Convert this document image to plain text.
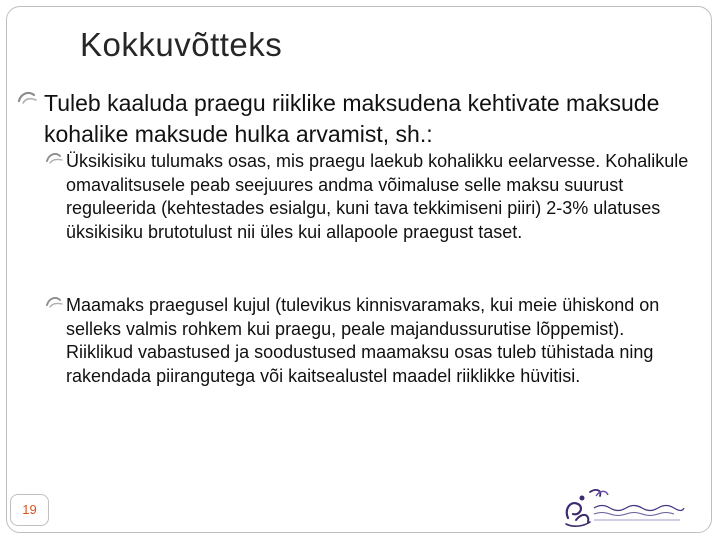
Kokkuvõtteks
Tuleb kaaluda praegu riiklike maksudena kehtivate maksude kohalike maksude hulka arvamist, sh.:
Üksikisiku tulumaks osas, mis praegu laekub kohalikku eelarvesse. Kohalikule omavalitsusele peab seejuures andma võimaluse selle maksu suurust reguleerida (kehtestades esialgu, kuni tava tekkimiseni piiri) 2-3% ulatuses üksikisiku brutotulust nii üles kui allapoole praegust taset.
Maamaks praegusel kujul (tulevikus kinnisvaramaks, kui meie ühiskond on selleks valmis rohkem kui praegu, peale majandussurutise lõppemist). Riiklikud vabastused ja soodustused maamaksu osas tuleb tühistada ning rakendada piirangutega või kaitsealustel maadel riiklikke hüvitisi.
19
